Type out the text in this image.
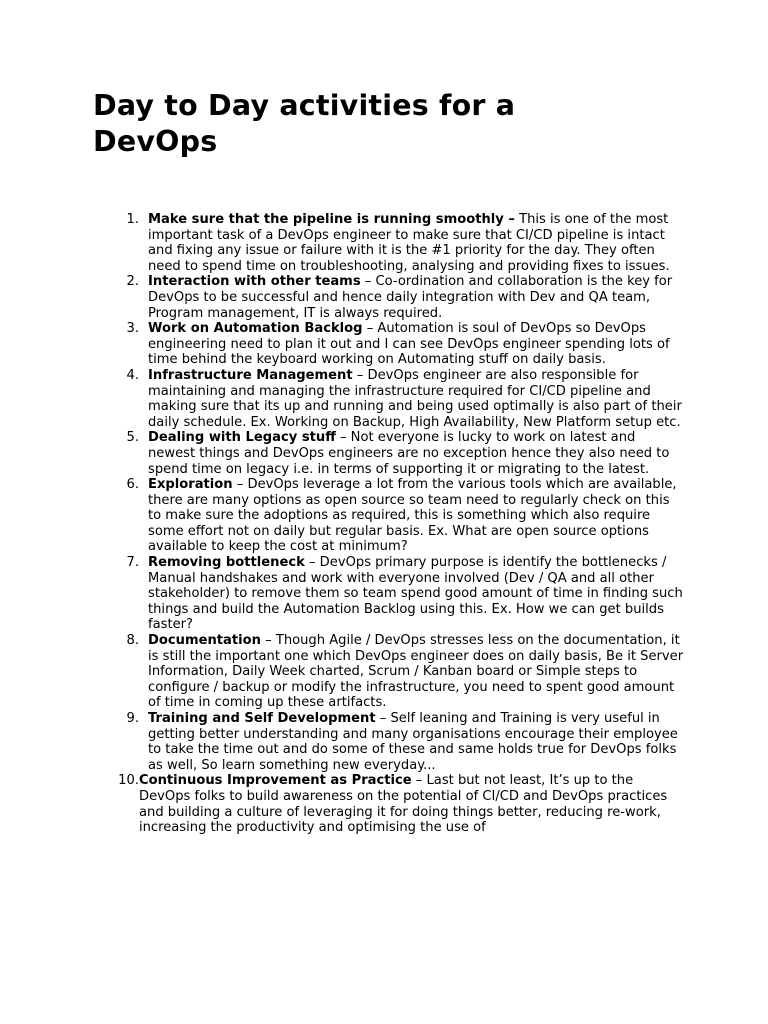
Day to Day activities for a DevOps
1. Make sure that the pipeline is running smoothly – This is one of the most important task of a DevOps engineer to make sure that CI/CD pipeline is intact and fixing any issue or failure with it is the #1 priority for the day. They often need to spend time on troubleshooting, analysing and providing fixes to issues.
2. Interaction with other teams – Co-ordination and collaboration is the key for DevOps to be successful and hence daily integration with Dev and QA team, Program management, IT is always required.
3. Work on Automation Backlog – Automation is soul of DevOps so DevOps engineering need to plan it out and I can see DevOps engineer spending lots of time behind the keyboard working on Automating stuff on daily basis.
4. Infrastructure Management – DevOps engineer are also responsible for maintaining and managing the infrastructure required for CI/CD pipeline and making sure that its up and running and being used optimally is also part of their daily schedule. Ex. Working on Backup, High Availability, New Platform setup etc.
5. Dealing with Legacy stuff – Not everyone is lucky to work on latest and newest things and DevOps engineers are no exception hence they also need to spend time on legacy i.e. in terms of supporting it or migrating to the latest.
6. Exploration – DevOps leverage a lot from the various tools which are available, there are many options as open source so team need to regularly check on this to make sure the adoptions as required, this is something which also require some effort not on daily but regular basis. Ex. What are open source options available to keep the cost at minimum?
7. Removing bottleneck – DevOps primary purpose is identify the bottlenecks / Manual handshakes and work with everyone involved (Dev / QA and all other stakeholder) to remove them so team spend good amount of time in finding such things and build the Automation Backlog using this. Ex. How we can get builds faster?
8. Documentation – Though Agile / DevOps stresses less on the documentation, it is still the important one which DevOps engineer does on daily basis, Be it Server Information, Daily Week charted, Scrum / Kanban board or Simple steps to configure / backup or modify the infrastructure, you need to spent good amount of time in coming up these artifacts.
9. Training and Self Development – Self leaning and Training is very useful in getting better understanding and many organisations encourage their employee to take the time out and do some of these and same holds true for DevOps folks as well, So learn something new everyday...
10. Continuous Improvement as Practice – Last but not least, It’s up to the DevOps folks to build awareness on the potential of CI/CD and DevOps practices and building a culture of leveraging it for doing things better, reducing re-work, increasing the productivity and optimising the use of
